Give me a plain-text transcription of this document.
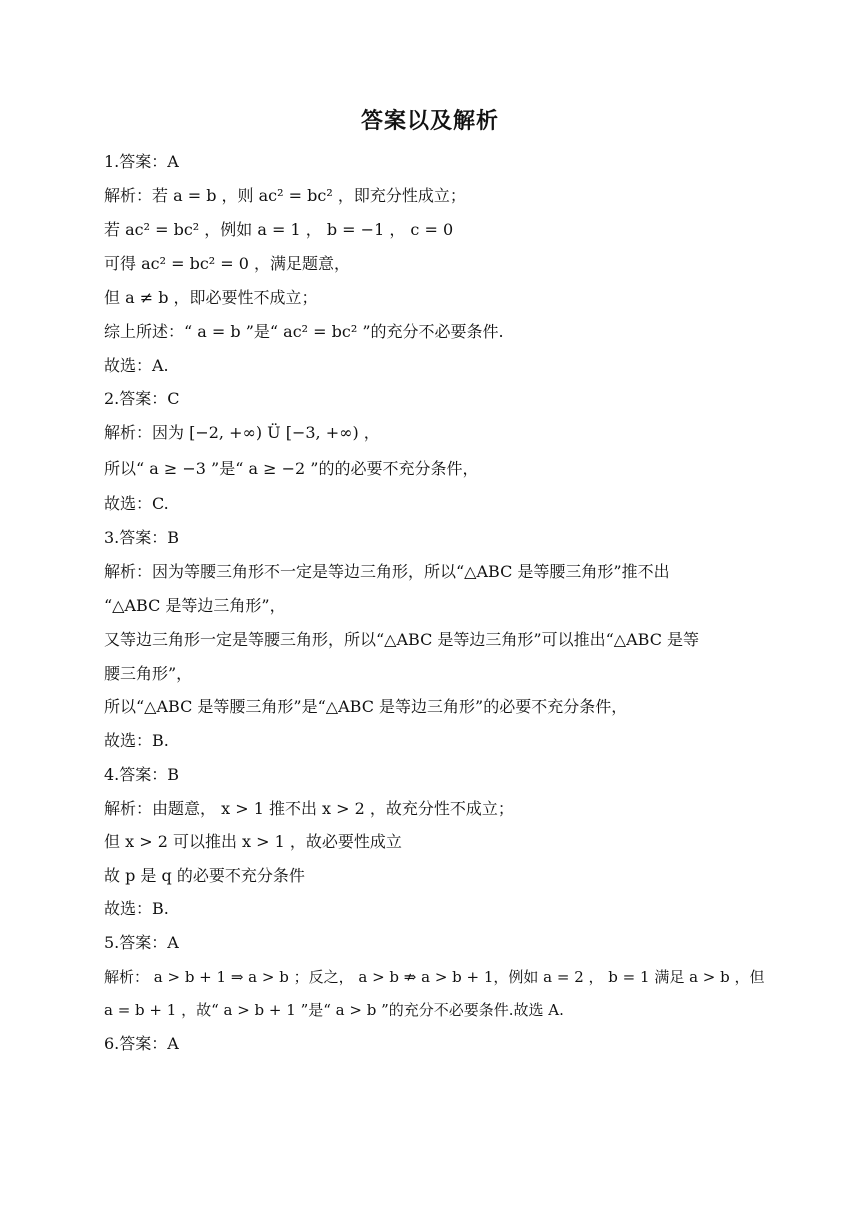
答案以及解析
1.答案：A
解析：若 a = b ，则 ac² = bc² ，即充分性成立；
若 ac² = bc² ，例如 a = 1 ， b = −1 ， c = 0
可得 ac² = bc² = 0 ，满足题意，
但 a ≠ b ，即必要性不成立；
综上所述：“ a = b ”是“ ac² = bc² ”的充分不必要条件.
故选：A.
2.答案：C
解析：因为 [−2, +∞) Ü [−3, +∞) ，
所以“ a ≥ −3 ”是“ a ≥ −2 ”的的必要不充分条件，
故选：C.
3.答案：B
解析：因为等腰三角形不一定是等边三角形，所以“△ABC 是等腰三角形”推不出
“△ABC 是等边三角形”，
又等边三角形一定是等腰三角形，所以“△ABC 是等边三角形”可以推出“△ABC 是等
腰三角形”，
所以“△ABC 是等腰三角形”是“△ABC 是等边三角形”的必要不充分条件，
故选：B.
4.答案：B
解析：由题意， x > 1 推不出 x > 2 ，故充分性不成立；
但 x > 2 可以推出 x > 1 ，故必要性成立
故 p 是 q 的必要不充分条件
故选：B.
5.答案：A
解析： a > b + 1 ⇒ a > b ；反之， a > b ⇏ a > b + 1，例如 a = 2 ， b = 1 满足 a > b ，但
a = b + 1 ，故“ a > b + 1 ”是“ a > b ”的充分不必要条件.故选 A.
6.答案：A
